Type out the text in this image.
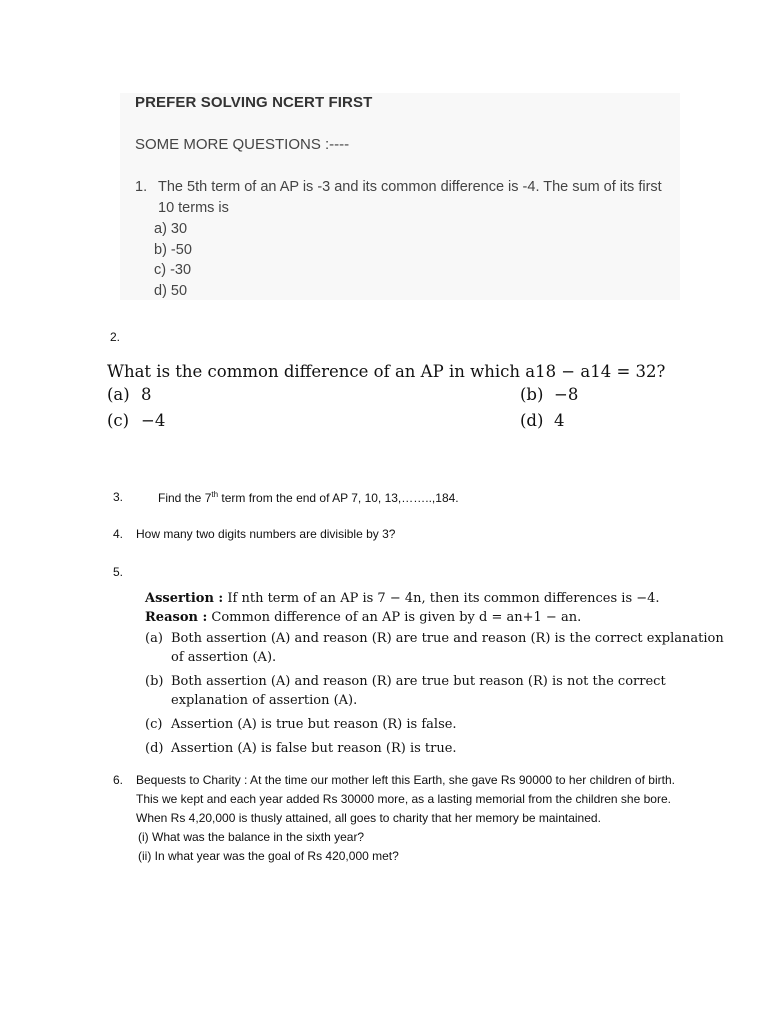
PREFER SOLVING NCERT FIRST
SOME MORE QUESTIONS :----
1. The 5th term of an AP is -3 and its common difference is -4. The sum of its first 10 terms is
a) 30
b) -50
c) -30
d) 50
2.
What is the common difference of an AP in which a18 − a14 = 32?
(a) 8	(b) −8
(c) −4	(d) 4
3.	Find the 7th term from the end of AP 7, 10, 13,……..,184.
4. How many two digits numbers are divisible by 3?
5.
Assertion : If nth term of an AP is 7 − 4n, then its common differences is −4.
Reason : Common difference of an AP is given by d = an+1 − an.
(a) Both assertion (A) and reason (R) are true and reason (R) is the correct explanation of assertion (A).
(b) Both assertion (A) and reason (R) are true but reason (R) is not the correct explanation of assertion (A).
(c) Assertion (A) is true but reason (R) is false.
(d) Assertion (A) is false but reason (R) is true.
6. Bequests to Charity : At the time our mother left this Earth, she gave Rs 90000 to her children of birth. This we kept and each year added Rs 30000 more, as a lasting memorial from the children she bore. When Rs 4,20,000 is thusly attained, all goes to charity that her memory be maintained.
(i) What was the balance in the sixth year?
(ii) In what year was the goal of Rs 420,000 met?
